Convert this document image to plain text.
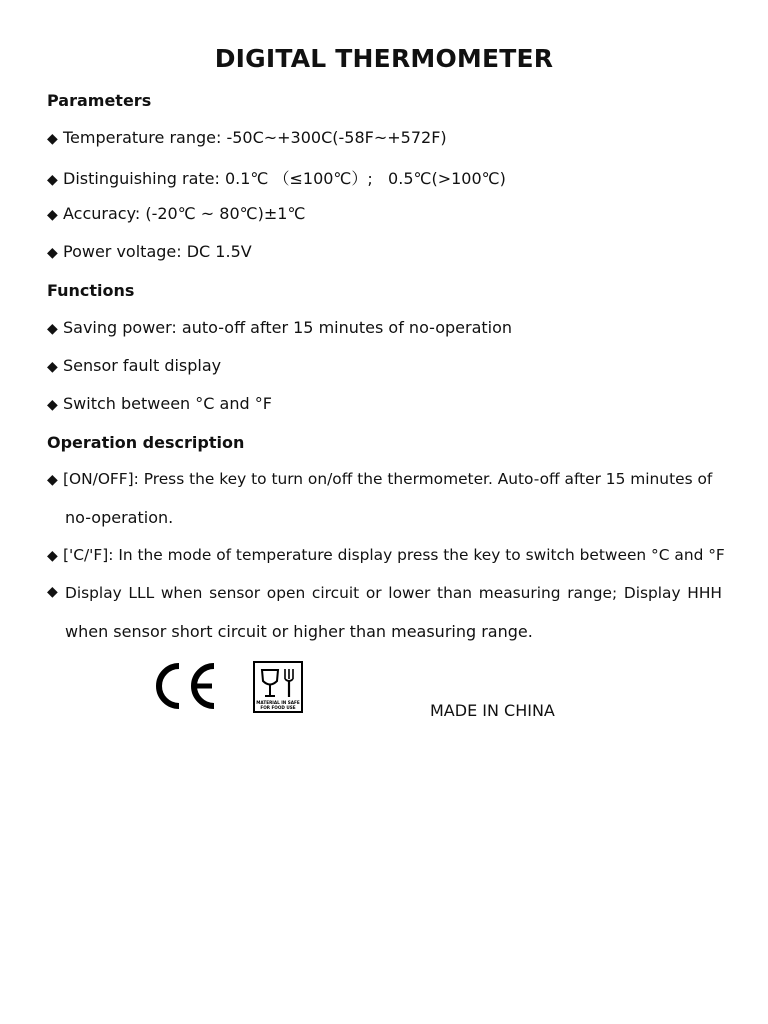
DIGITAL THERMOMETER
Parameters
◆ Temperature range: -50C~+300C(-58F~+572F)
◆ Distinguishing rate: 0.1℃ （≤100℃）;   0.5℃(>100℃)
◆ Accuracy: (-20℃ ~ 80℃)±1℃
◆ Power voltage: DC 1.5V
Functions
◆ Saving power: auto-off after 15 minutes of no-operation
◆ Sensor fault display
◆ Switch between °C and °F
Operation description
◆ [ON/OFF]: Press the key to turn on/off the thermometer. Auto-off after 15 minutes of
no-operation.
◆ ['C/'F]: In the mode of temperature display press the key to switch between °C and °F
◆ Display LLL when sensor open circuit or lower than measuring range; Display HHH
when sensor short circuit or higher than measuring range.
MATERIAL IN SAFE
FOR FOOD USE	MADE IN CHINA
